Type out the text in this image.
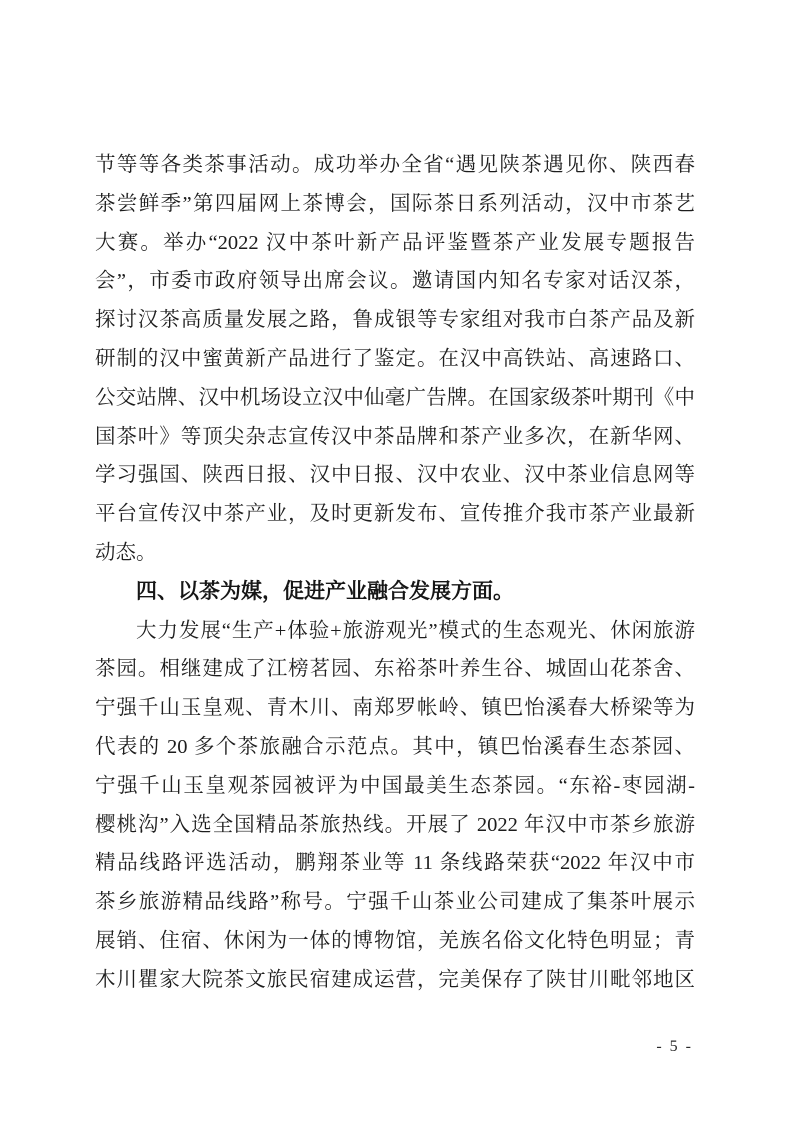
节等等各类茶事活动。成功举办全省“遇见陕茶遇见你、陕西春
茶尝鲜季”第四届网上茶博会，国际茶日系列活动，汉中市茶艺
大赛。举办“2022 汉中茶叶新产品评鉴暨茶产业发展专题报告
会”，市委市政府领导出席会议。邀请国内知名专家对话汉茶，
探讨汉茶高质量发展之路，鲁成银等专家组对我市白茶产品及新
研制的汉中蜜黄新产品进行了鉴定。在汉中高铁站、高速路口、
公交站牌、汉中机场设立汉中仙毫广告牌。在国家级茶叶期刊《中
国茶叶》等顶尖杂志宣传汉中茶品牌和茶产业多次，在新华网、
学习强国、陕西日报、汉中日报、汉中农业、汉中茶业信息网等
平台宣传汉中茶产业，及时更新发布、宣传推介我市茶产业最新
动态。
四、以茶为媒，促进产业融合发展方面。
大力发展“生产+体验+旅游观光”模式的生态观光、休闲旅游
茶园。相继建成了江榜茗园、东裕茶叶养生谷、城固山花茶舍、
宁强千山玉皇观、青木川、南郑罗帐岭、镇巴怡溪春大桥梁等为
代表的 20 多个茶旅融合示范点。其中，镇巴怡溪春生态茶园、
宁强千山玉皇观茶园被评为中国最美生态茶园。“东裕-枣园湖-
樱桃沟”入选全国精品茶旅热线。开展了 2022 年汉中市茶乡旅游
精品线路评选活动，鹏翔茶业等 11 条线路荣获“2022 年汉中市
茶乡旅游精品线路”称号。宁强千山茶业公司建成了集茶叶展示
展销、住宿、休闲为一体的博物馆，羌族名俗文化特色明显；青
木川瞿家大院茶文旅民宿建成运营，完美保存了陕甘川毗邻地区
- 5 -
